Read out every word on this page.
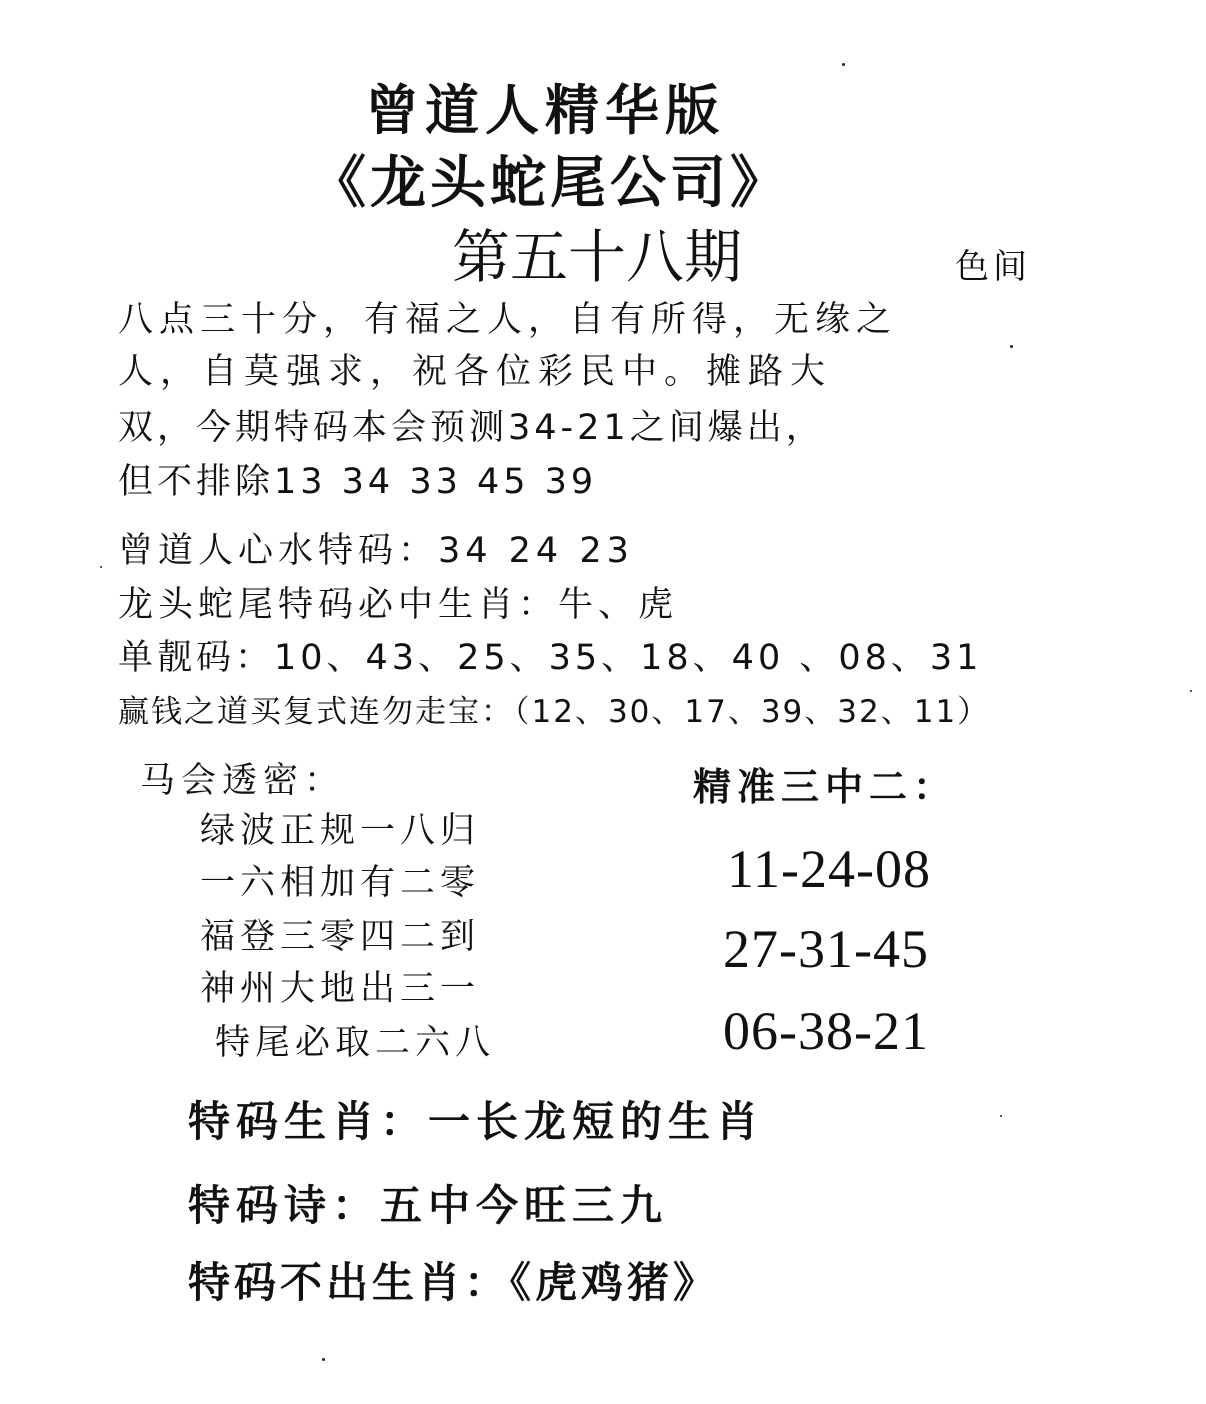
曾道人精华版
《龙头蛇尾公司》
第五十八期	色间
八点三十分，有福之人，自有所得，无缘之
人，自莫强求，祝各位彩民中。摊路大
双，今期特码本会预测34-21之间爆出，
但不排除13 34 33 45 39
曾道人心水特码：34 24 23
龙头蛇尾特码必中生肖：牛、虎
单靓码：10、43、25、35、18、40 、08、31
赢钱之道买复式连勿走宝：（12、30、17、39、32、11）
马会透密：
绿波正规一八归
一六相加有二零
福登三零四二到
神州大地出三一
特尾必取二六八
精准三中二：
11-24-08
27-31-45
06-38-21
特码生肖：一长龙短的生肖
特码诗：五中今旺三九
特码不出生肖：《虎鸡猪》
